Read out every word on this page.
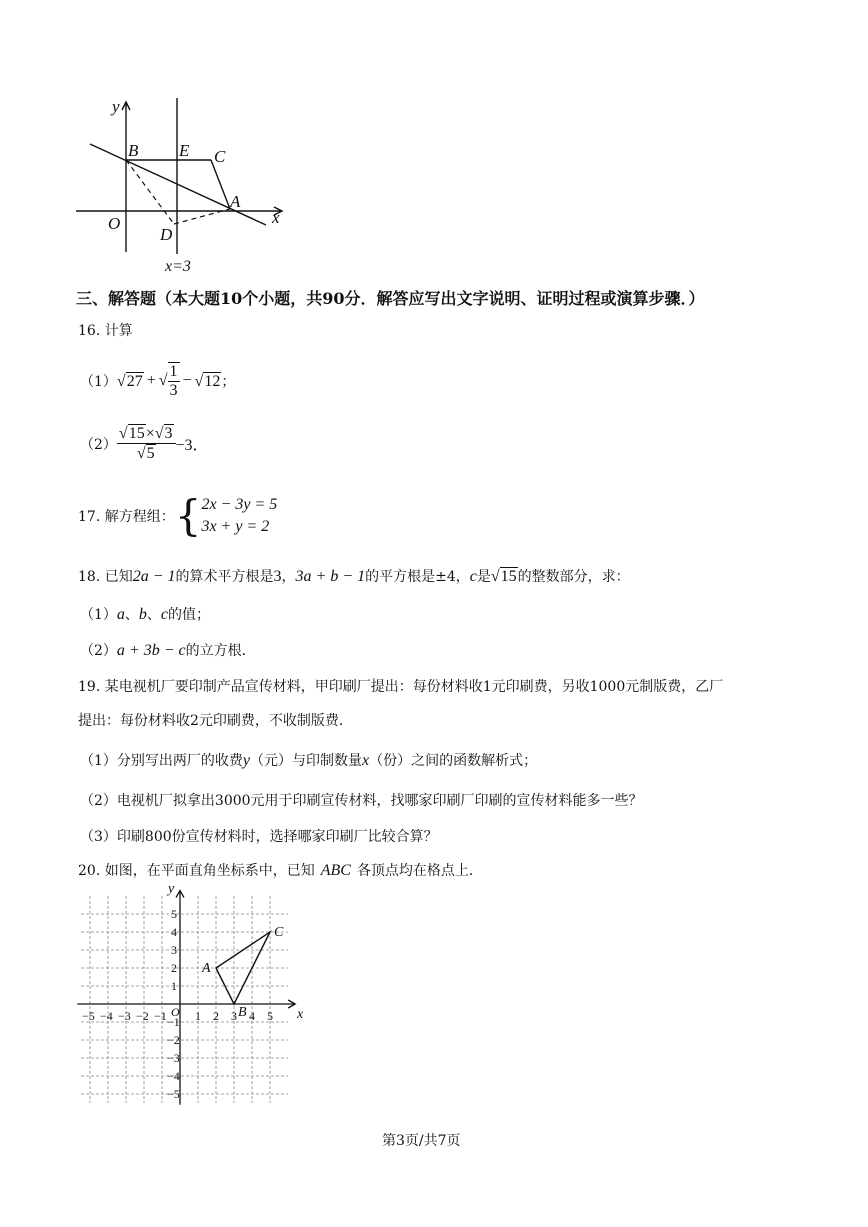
y
x
O
B E C
A
D
x=3
三、解答题（本大题10个小题，共90分．解答应写出文字说明、证明过程或演算步骤．）
16. 计算
（1） √27 + √ $\frac{1}{3} - √12$ ；
$(2) \frac{√15\times√3}{√5} -3$．
17. 解方程组： { 2x − 3y = 5
3x + y = 2
18. 已知2a − 1的算术平方根是3，3a + b − 1的平方根是±4，c是√15的整数部分，求：
（1）a、b、c的值；
（2）a + 3b − c的立方根．
19. 某电视机厂要印制产品宣传材料，甲印刷厂提出：每份材料收1元印刷费，另收1000元制版费，乙厂
提出：每份材料收2元印刷费，不收制版费．
（1）分别写出两厂的收费y（元）与印制数量x（份）之间的函数解析式；
（2）电视机厂拟拿出3000元用于印刷宣传材料，找哪家印刷厂印刷的宣传材料能多一些？
（3）印刷800份宣传材料时，选择哪家印刷厂比较合算？
20. 如图，在平面直角坐标系中，已知 ABC 各顶点均在格点上．
x
y
O
−5 −4 −3 −2 −1 1 2 3 4 5
5
4
3
2
1
−1
−2
−3
−4
−5
A
B
C
第3页/共7页
